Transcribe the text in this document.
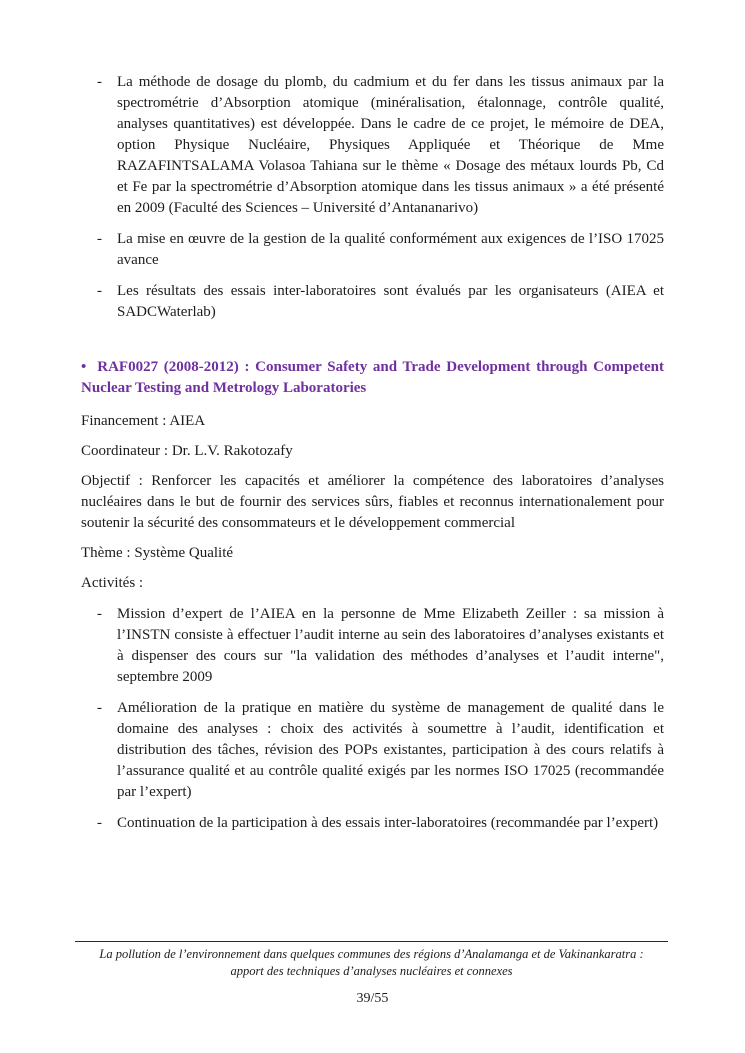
- La méthode de dosage du plomb, du cadmium et du fer dans les tissus animaux par la spectrométrie d’Absorption atomique (minéralisation, étalonnage, contrôle qualité, analyses quantitatives) est développée. Dans le cadre de ce projet, le mémoire de DEA, option Physique Nucléaire, Physiques Appliquée et Théorique de Mme RAZAFINTSALAMA Volasoa Tahiana sur le thème « Dosage des métaux lourds Pb, Cd et Fe par la spectrométrie d’Absorption atomique dans les tissus animaux » a été présenté en 2009 (Faculté des Sciences – Université d’Antananarivo)
- La mise en œuvre de la gestion de la qualité conformément aux exigences de l’ISO 17025 avance
- Les résultats des essais inter-laboratoires sont évalués par les organisateurs (AIEA et SADCWaterlab)

• RAF0027 (2008-2012) : Consumer Safety and Trade Development through Competent Nuclear Testing and Metrology Laboratories

Financement : AIEA

Coordinateur : Dr. L.V. Rakotozafy

Objectif : Renforcer les capacités et améliorer la compétence des laboratoires d’analyses nucléaires dans le but de fournir des services sûrs, fiables et reconnus internationalement pour soutenir la sécurité des consommateurs et le développement commercial

Thème : Système Qualité

Activités :

- Mission d’expert de l’AIEA en la personne de Mme Elizabeth Zeiller : sa mission à l’INSTN consiste à effectuer l’audit interne au sein des laboratoires d’analyses existants et à dispenser des cours sur "la validation des méthodes d’analyses et l’audit interne", septembre 2009
- Amélioration de la pratique en matière du système de management de qualité dans le domaine des analyses : choix des activités à soumettre à l’audit, identification et distribution des tâches, révision des POPs existantes, participation à des cours relatifs à l’assurance qualité et au contrôle qualité exigés par les normes ISO 17025 (recommandée par l’expert)
- Continuation de la participation à des essais inter-laboratoires (recommandée par l’expert)
La pollution de l’environnement dans quelques communes des régions d’Analamanga et de Vakinankaratra :
apport des techniques d’analyses nucléaires et connexes
39/55
